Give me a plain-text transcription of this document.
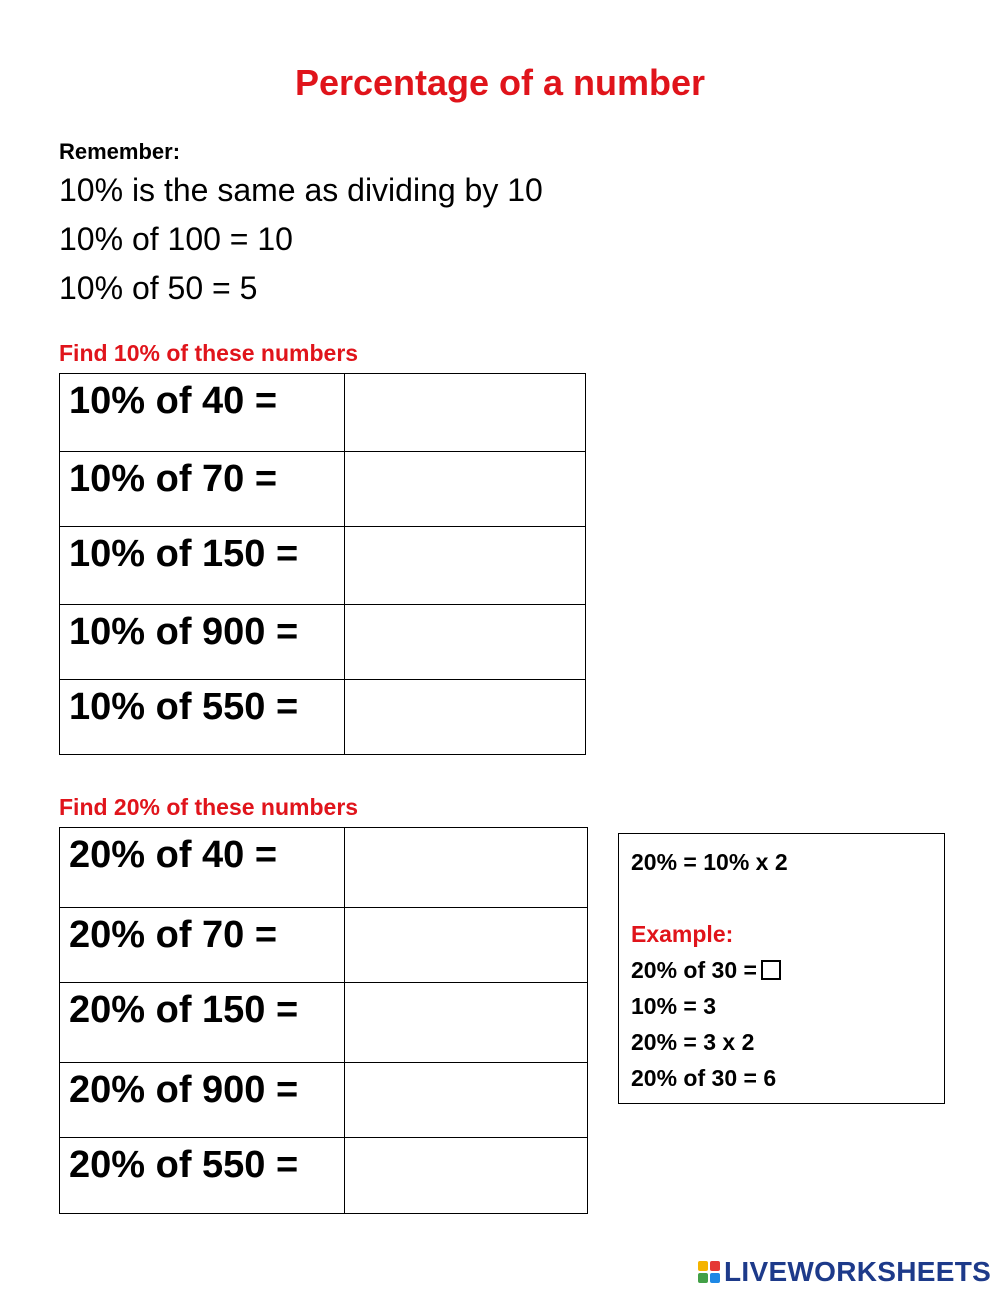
Percentage of a number
Remember:
10% is the same as dividing by 10
10% of 100 = 10
10% of 50 = 5
Find 10% of these numbers
10% of 40 =	
10% of 70 =	
10% of 150 =	
10% of 900 =	
10% of 550 =	
Find 20% of these numbers
20% of 40 =	
20% of 70 =	
20% of 150 =	
20% of 900 =	
20% of 550 =	
20% = 10% x 2
Example:
20% of 30 =
10% = 3
20% = 3 x 2
20% of 30 = 6
LIVEWORKSHEETS
